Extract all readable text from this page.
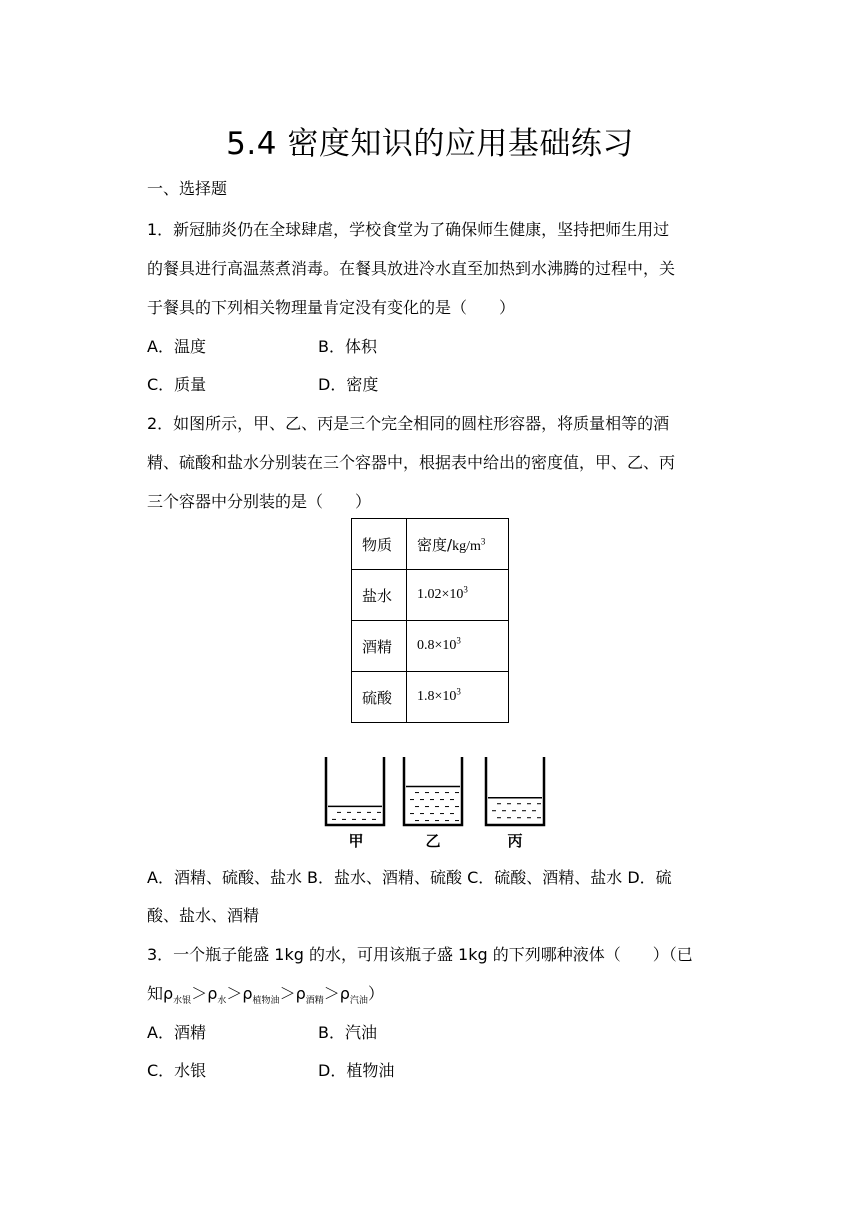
5.4 密度知识的应用基础练习
一、选择题
1．新冠肺炎仍在全球肆虐，学校食堂为了确保师生健康，坚持把师生用过
的餐具进行高温蒸煮消毒。在餐具放进冷水直至加热到水沸腾的过程中，关
于餐具的下列相关物理量肯定没有变化的是（　　）
A．温度	B．体积
C．质量	D．密度
2．如图所示，甲、乙、丙是三个完全相同的圆柱形容器，将质量相等的酒
精、硫酸和盐水分别装在三个容器中，根据表中给出的密度值，甲、乙、丙
三个容器中分别装的是（　　）
物质	密度$/kg/m^3$
盐水	$1.02\times 10^3$
酒精	$0.8\times 10^3$
硫酸	$1.8\times 10^3$
甲	乙	丙
A．酒精、硫酸、盐水 B．盐水、酒精、硫酸 C．硫酸、酒精、盐水 D．硫
酸、盐水、酒精
3．一个瓶子能盛 1kg 的水，可用该瓶子盛 1kg 的下列哪种液体（　　）（已
知$\rho_{水银}>\rho_水>\rho_{植物油}>\rho_{酒精}>\rho_{汽油}$）
A．酒精	B．汽油
C．水银	D．植物油
